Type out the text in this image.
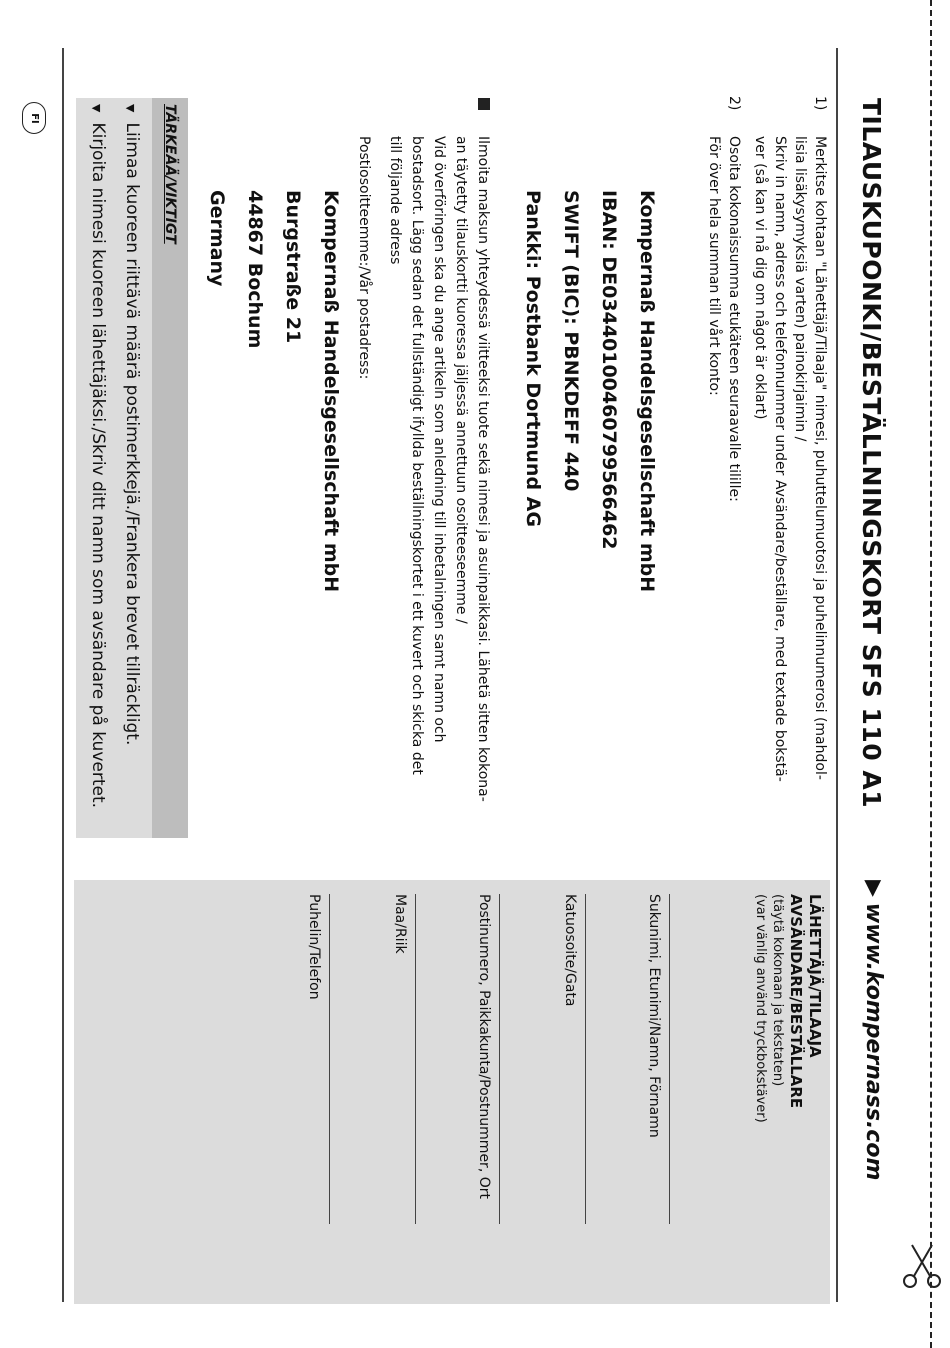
FI	TILAUSKUPONKI/BESTÄLLNINGSKORT SFS 110 A1
▶www.kompernass.com
1)

Merkitse kohtaan "Lähettäjä/Tilaaja" nimesi, puhuttelumuotosi ja puhelinnumerosi (mahdol-

lisia lisäkysymyksiä varten) painokirjaimin /

Skriv in namn, adress och telefonnummer under Avsändare/beställare, med textade bokstä-

ver (så kan vi nå dig om något är oklart)

2)

Osoita kokonaissumma etukäteen seuraavalle tilille:

För över hela summan till vårt konto:

Kompernaß Handelsgesellschaft mbH
IBAN: DE03440100460799566462
SWIFT (BIC): PBNKDEFF 440
Pankki: Postbank Dortmund AG

Ilmoita maksun yhteydessä viitteeksi tuote sekä nimesi ja asuinpaikkasi. Lähetä sitten kokona-

an täytetty tilauskortti kuoressa jäljessä annettuun osoitteeseemme /

Vid överföringen ska du ange artikeln som anledning till inbetalningen samt namn och

bostadsort. Lägg sedan det fullständigt ifyllda beställningskortet i ett kuvert och skicka det

till följande adress

Postiosoitteemme:/Vår postadress:
Kompernaß Handelsgesellschaft mbH
Burgstraße 21
44867 Bochum
Germany
TÄRKEÄÄ/VIKTIGT
▼Liimaa kuoreen riittävä määrä postimerkkejä./Frankera brevet tillräckligt.
▼Kirjoita nimesi kuoreen lähettäjäksi./Skriv ditt namn som avsändare på kuvertet.
LÄHETTÄJÄ/TILAAJA
AVSÄNDARE/BESTÄLLARE
(täytä kokonaan ja tekstaten)
(var vänlig använd tryckbokstäver)
Sukunimi, Etunimi/Namn, Förnamn
Katuosoite/Gata
Postinumero, Paikkakunta/Postnummer, Ort
Maa/Riik
Puhelin/Telefon
